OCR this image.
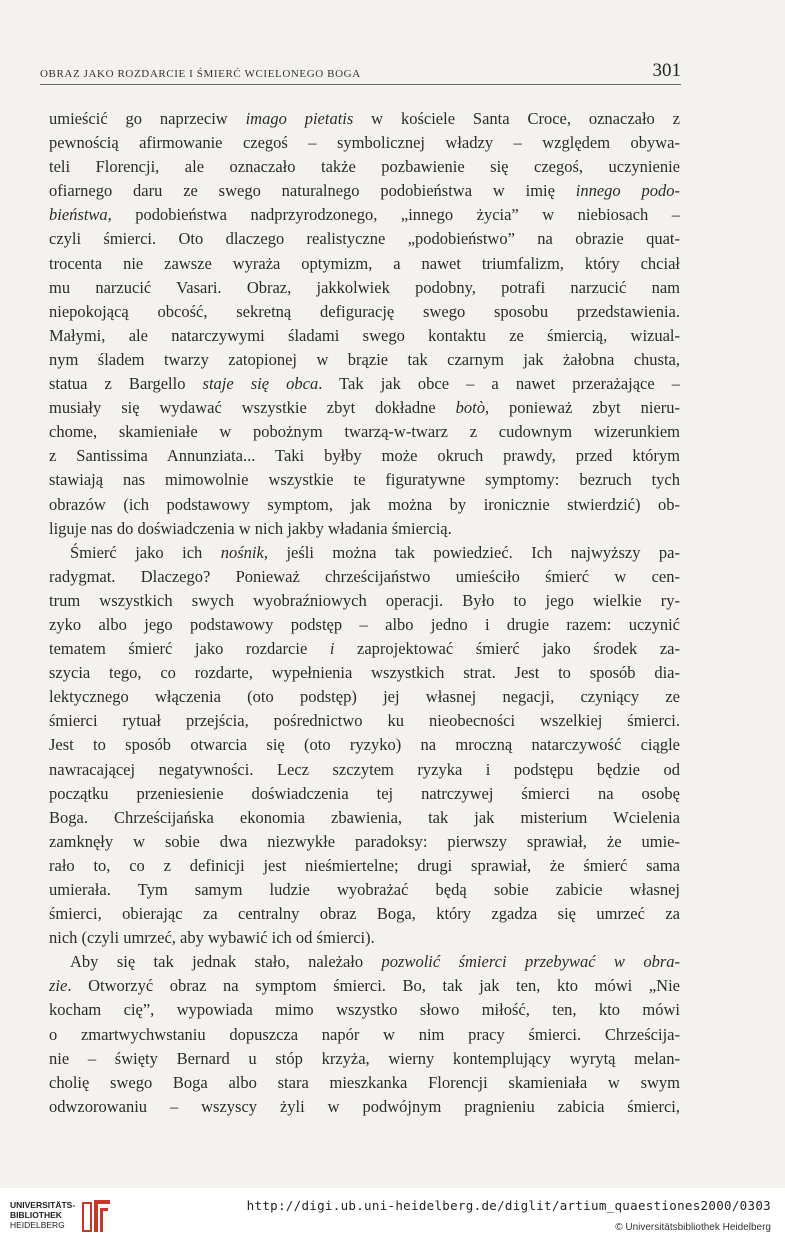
OBRAZ JAKO ROZDARCIE I ŚMIERĆ WCIELONEGO BOGA	301
umieścić go naprzeciw imago pietatis w kościele Santa Croce, oznaczało z
pewnością afirmowanie czegoś – symbolicznej władzy – względem obywa-
teli Florencji, ale oznaczało także pozbawienie się czegoś, uczynienie
ofiarnego daru ze swego naturalnego podobieństwa w imię innego podo-
bieństwa, podobieństwa nadprzyrodzonego, „innego życia” w niebiosach –
czyli śmierci. Oto dlaczego realistyczne „podobieństwo” na obrazie quat-
trocenta nie zawsze wyraża optymizm, a nawet triumfalizm, który chciał
mu narzucić Vasari. Obraz, jakkolwiek podobny, potrafi narzucić nam
niepokojącą obcość, sekretną defigurację swego sposobu przedstawienia.
Małymi, ale natarczywymi śladami swego kontaktu ze śmiercią, wizual-
nym śladem twarzy zatopionej w brązie tak czarnym jak żałobna chusta,
statua z Bargello staje się obca. Tak jak obce – a nawet przerażające –
musiały się wydawać wszystkie zbyt dokładne botò, ponieważ zbyt nieru-
chome, skamieniałe w pobożnym twarzą-w-twarz z cudownym wizerunkiem
z Santissima Annunziata... Taki byłby może okruch prawdy, przed którym
stawiają nas mimowolnie wszystkie te figuratywne symptomy: bezruch tych
obrazów (ich podstawowy symptom, jak można by ironicznie stwierdzić) ob-
liguje nas do doświadczenia w nich jakby władania śmiercią.
Śmierć jako ich nośnik, jeśli można tak powiedzieć. Ich najwyższy pa-
radygmat. Dlaczego? Ponieważ chrześcijaństwo umieściło śmierć w cen-
trum wszystkich swych wyobraźniowych operacji. Było to jego wielkie ry-
zyko albo jego podstawowy podstęp – albo jedno i drugie razem: uczynić
tematem śmierć jako rozdarcie i zaprojektować śmierć jako środek za-
szycia tego, co rozdarte, wypełnienia wszystkich strat. Jest to sposób dia-
lektycznego włączenia (oto podstęp) jej własnej negacji, czyniący ze
śmierci rytuał przejścia, pośrednictwo ku nieobecności wszelkiej śmierci.
Jest to sposób otwarcia się (oto ryzyko) na mroczną natarczywość ciągle
nawracającej negatywności. Lecz szczytem ryzyka i podstępu będzie od
początku przeniesienie doświadczenia tej natrczywej śmierci na osobę
Boga. Chrześcijańska ekonomia zbawienia, tak jak misterium Wcielenia
zamknęły w sobie dwa niezwykłe paradoksy: pierwszy sprawiał, że umie-
rało to, co z definicji jest nieśmiertelne; drugi sprawiał, że śmierć sama
umierała. Tym samym ludzie wyobrażać będą sobie zabicie własnej
śmierci, obierając za centralny obraz Boga, który zgadza się umrzeć za
nich (czyli umrzeć, aby wybawić ich od śmierci).
Aby się tak jednak stało, należało pozwolić śmierci przebywać w obra-
zie. Otworzyć obraz na symptom śmierci. Bo, tak jak ten, kto mówi „Nie
kocham cię”, wypowiada mimo wszystko słowo miłość, ten, kto mówi
o zmartwychwstaniu dopuszcza napór w nim pracy śmierci. Chrześcija-
nie – święty Bernard u stóp krzyża, wierny kontemplujący wyrytą melan-
cholię swego Boga albo stara mieszkanka Florencji skamieniała w swym
odwzorowaniu – wszyscy żyli w podwójnym pragnieniu zabicia śmierci,
UNIVERSITÄTS-
BIBLIOTHEK
HEIDELBERG
http://digi.ub.uni-heidelberg.de/diglit/artium_quaestiones2000/0303
© Universitätsbibliothek Heidelberg
